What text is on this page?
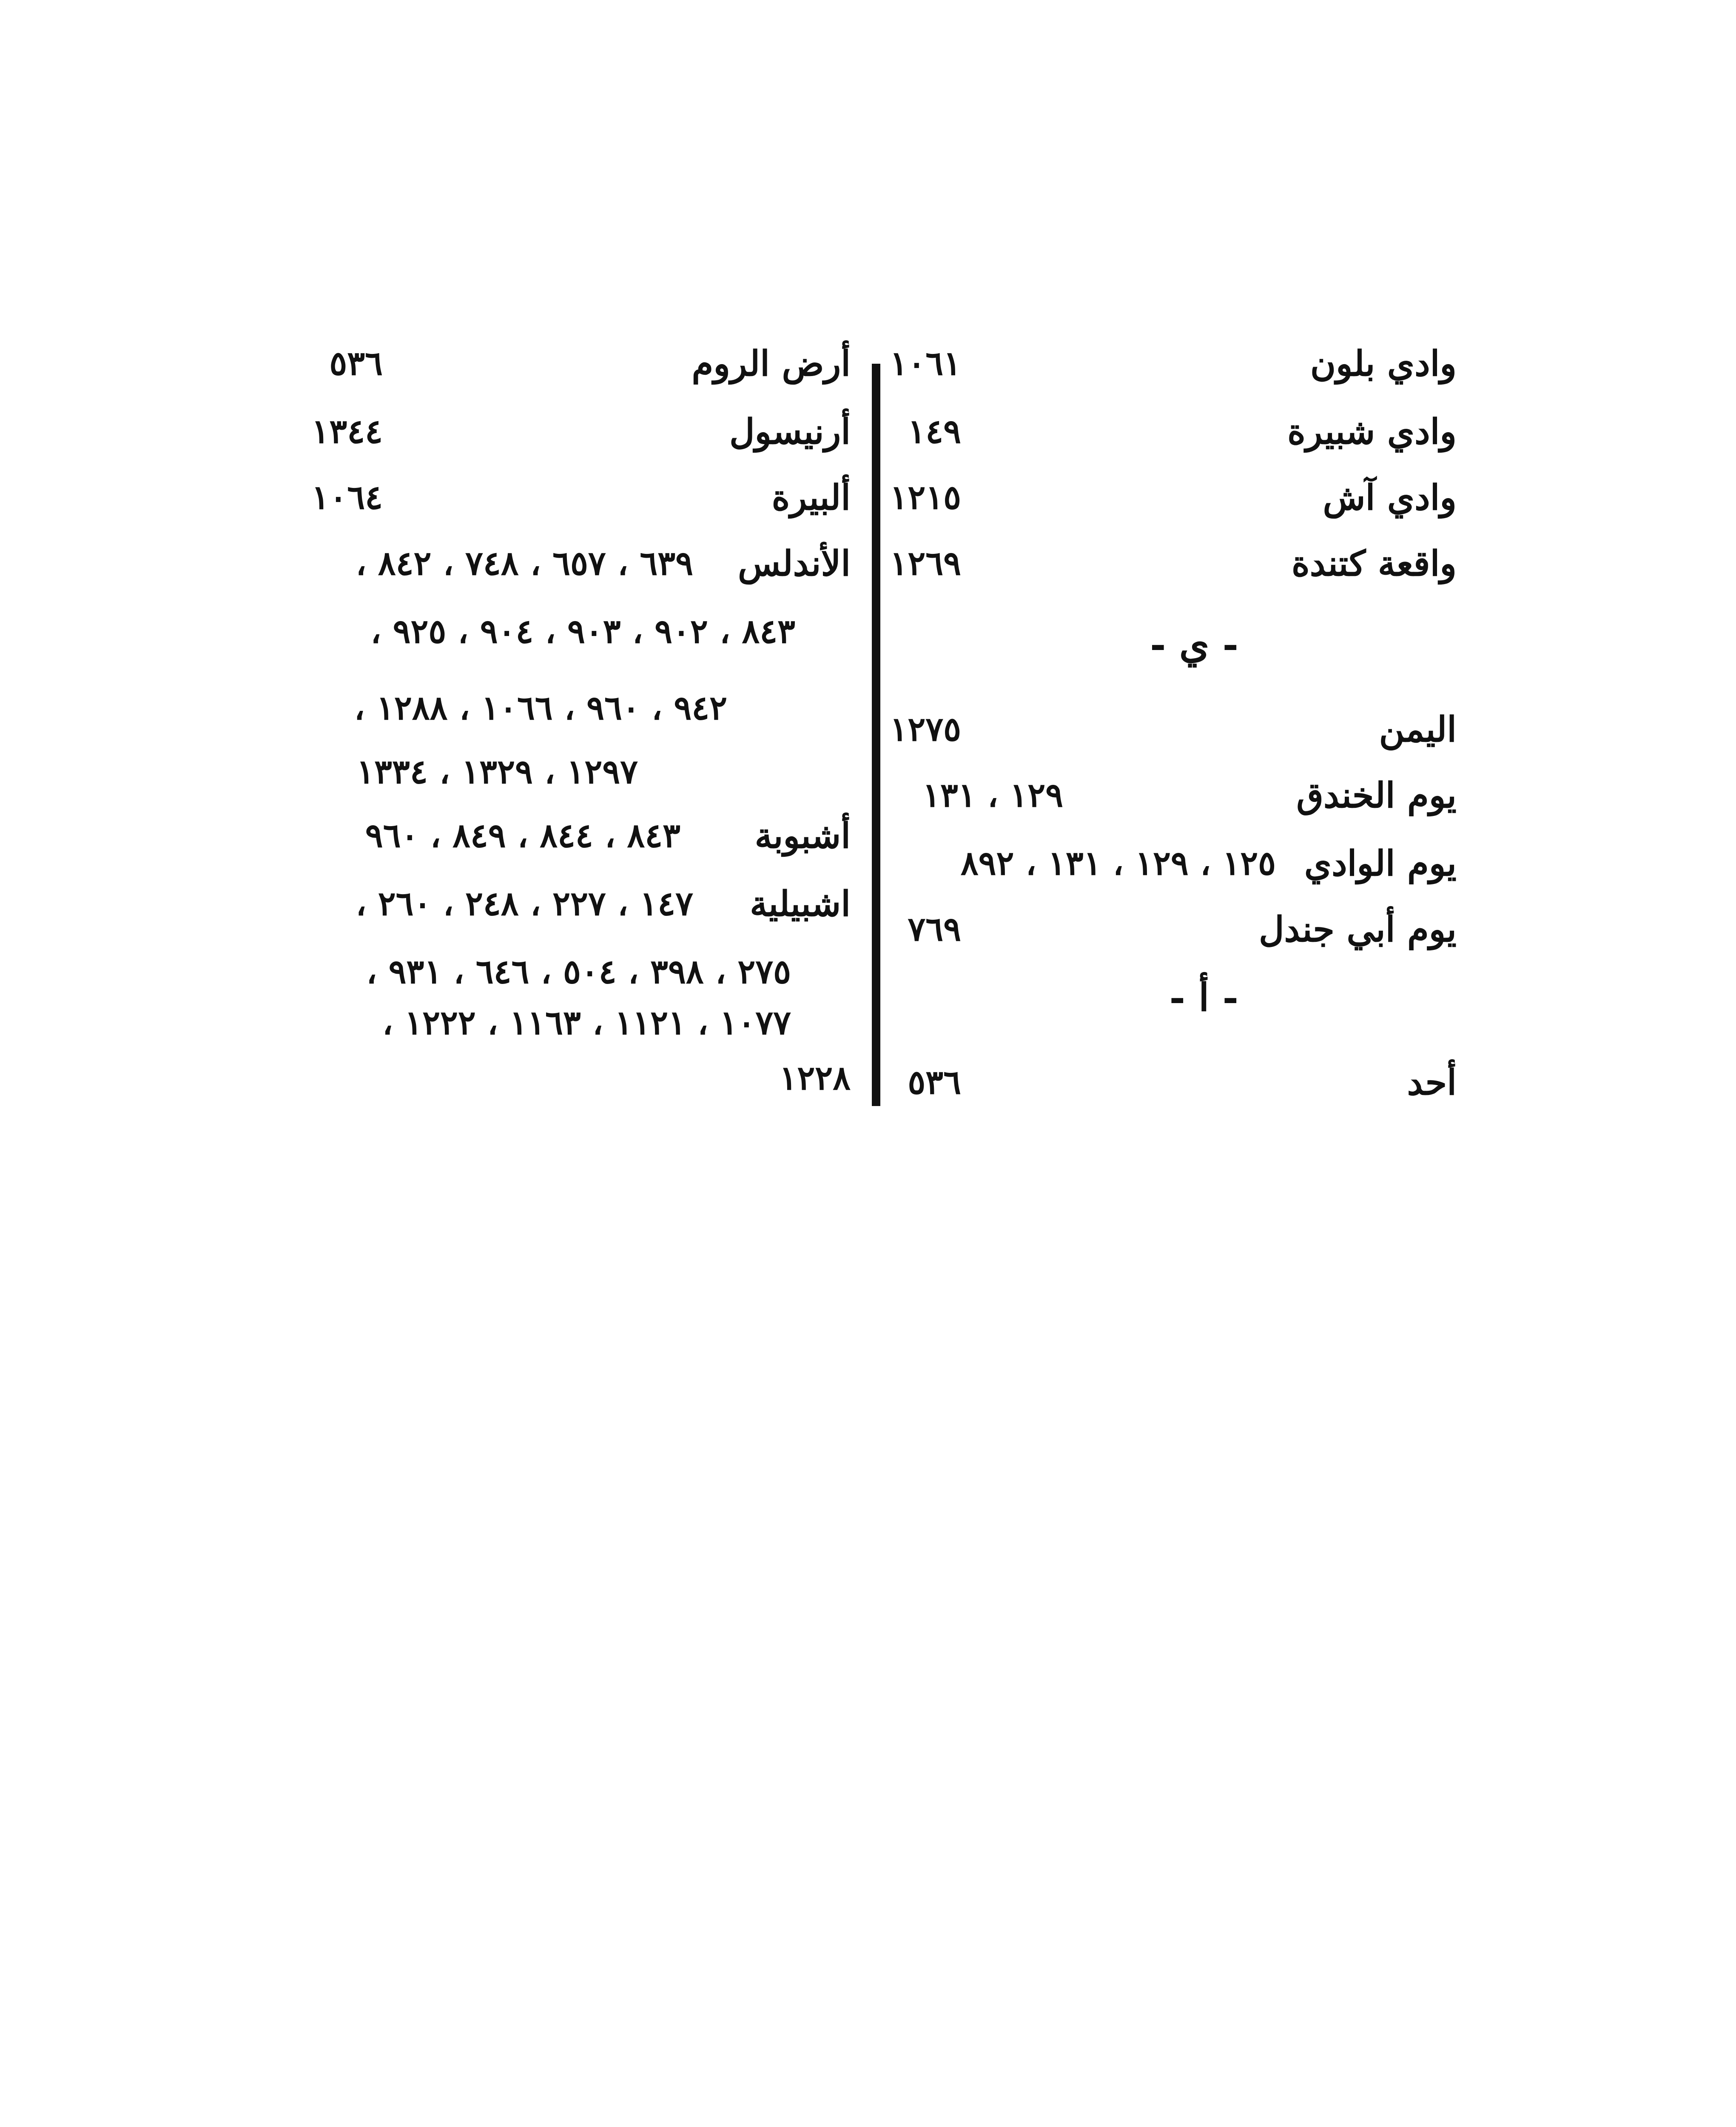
وادي بلون
١٠٦١
وادي شبيرة
١٤٩
وادي آش
١٢١٥
واقعة كتندة
١٢٦٩
- ي -
اليمن
١٢٧٥
يوم الخندق
١٢٩ ، ١٣١
يوم الوادي
١٢٥ ، ١٢٩ ، ١٣١ ، ٨٩٢
يوم أبي جندل
٧٦٩
- أ -
أحد
٥٣٦
أرض الروم
٥٣٦
أرنيسول
١٣٤٤
ألبيرة
١٠٦٤
الأندلس
٦٣٩ ، ٦٥٧ ، ٧٤٨ ، ٨٤٢ ،
٨٤٣ ، ٩٠٢ ، ٩٠٣ ، ٩٠٤ ، ٩٢٥ ،
٩٤٢ ، ٩٦٠ ، ١٠٦٦ ، ١٢٨٨ ،
١٢٩٧ ، ١٣٢٩ ، ١٣٣٤
أشبوبة
٨٤٣ ، ٨٤٤ ، ٨٤٩ ، ٩٦٠
اشبيلية
١٤٧ ، ٢٢٧ ، ٢٤٨ ، ٢٦٠ ،
٢٧٥ ، ٣٩٨ ، ٥٠٤ ، ٦٤٦ ، ٩٣١ ،
١٠٧٧ ، ١١٢١ ، ١١٦٣ ، ١٢٢٢ ،
١٢٢٨
